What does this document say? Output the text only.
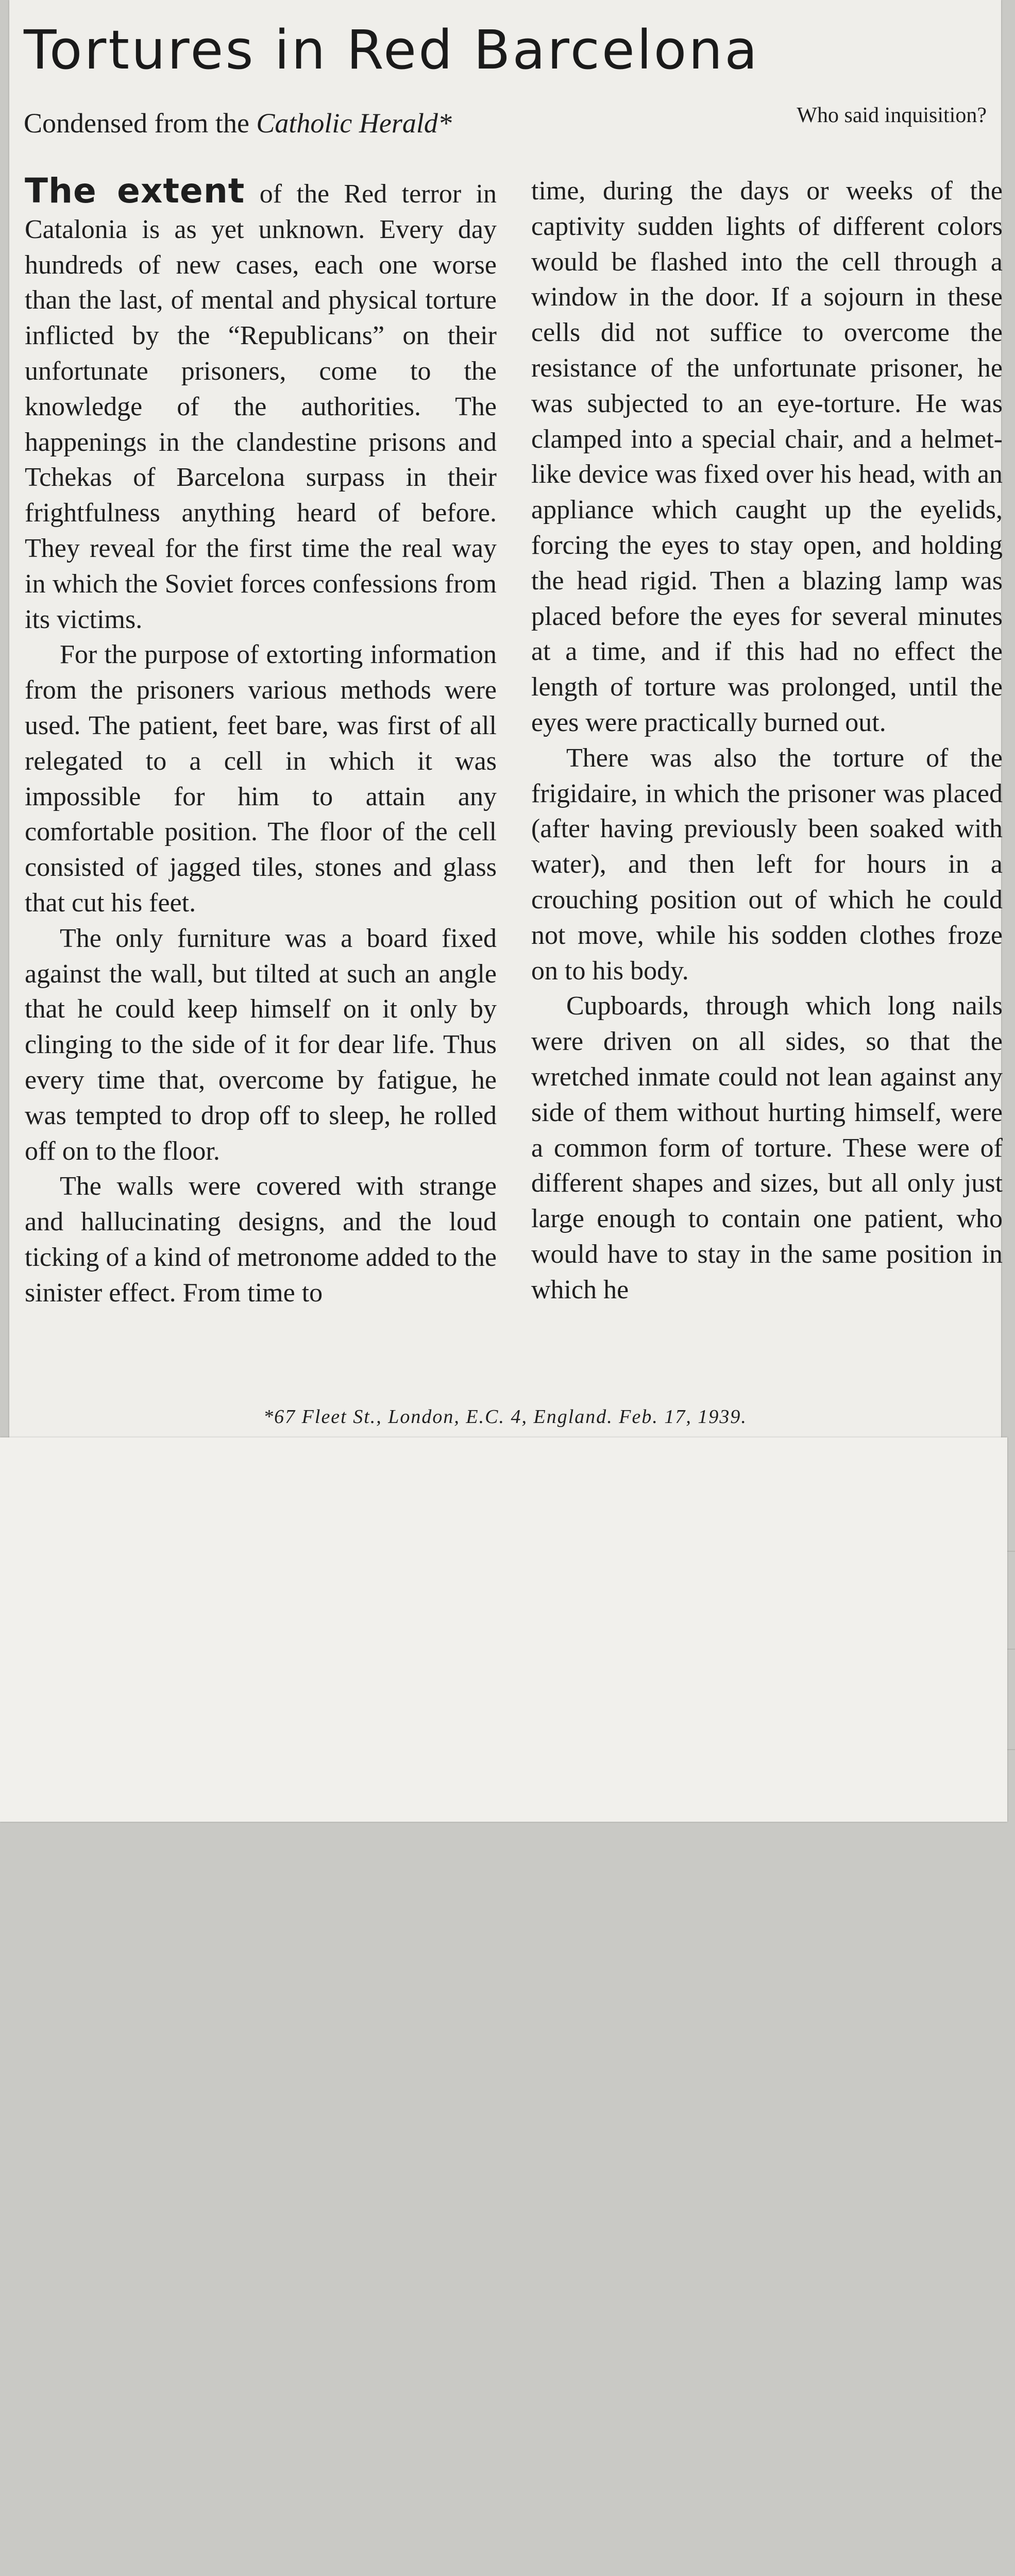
Tortures in Red Barcelona

Condensed from the Catholic Herald*	Who said inquisition?

The extent of the Red terror in Catalonia is as yet unknown. Every day hundreds of new cases, each one worse than the last, of mental and physical torture inflicted by the “Republicans” on their unfortunate prisoners, come to the knowledge of the authorities. The happenings in the clandestine prisons and Tchekas of Barcelona surpass in their frightfulness anything heard of before. They reveal for the first time the real way in which the Soviet forces confessions from its victims.

For the purpose of extorting information from the prisoners various methods were used. The patient, feet bare, was first of all relegated to a cell in which it was impossible for him to attain any comfortable position. The floor of the cell consisted of jagged tiles, stones and glass that cut his feet.

The only furniture was a board fixed against the wall, but tilted at such an angle that he could keep himself on it only by clinging to the side of it for dear life. Thus every time that, overcome by fatigue, he was tempted to drop off to sleep, he rolled off on to the floor.

The walls were covered with strange and hallucinating designs, and the loud ticking of a kind of metronome added to the sinister effect. From time to

time, during the days or weeks of the captivity sudden lights of different colors would be flashed into the cell through a window in the door. If a sojourn in these cells did not suffice to overcome the resistance of the unfortunate prisoner, he was subjected to an eye-torture. He was clamped into a special chair, and a helmet-like device was fixed over his head, with an appliance which caught up the eyelids, forcing the eyes to stay open, and holding the head rigid. Then a blazing lamp was placed before the eyes for several minutes at a time, and if this had no effect the length of torture was prolonged, until the eyes were practically burned out.

There was also the torture of the frigidaire, in which the prisoner was placed (after having previously been soaked with water), and then left for hours in a crouching position out of which he could not move, while his sodden clothes froze on to his body.

Cupboards, through which long nails were driven on all sides, so that the wretched inmate could not lean against any side of them without hurting himself, were a common form of torture. These were of different shapes and sizes, but all only just large enough to contain one patient, who would have to stay in the same position in which he

*67 Fleet St., London, E.C. 4, England. Feb. 17, 1939.
